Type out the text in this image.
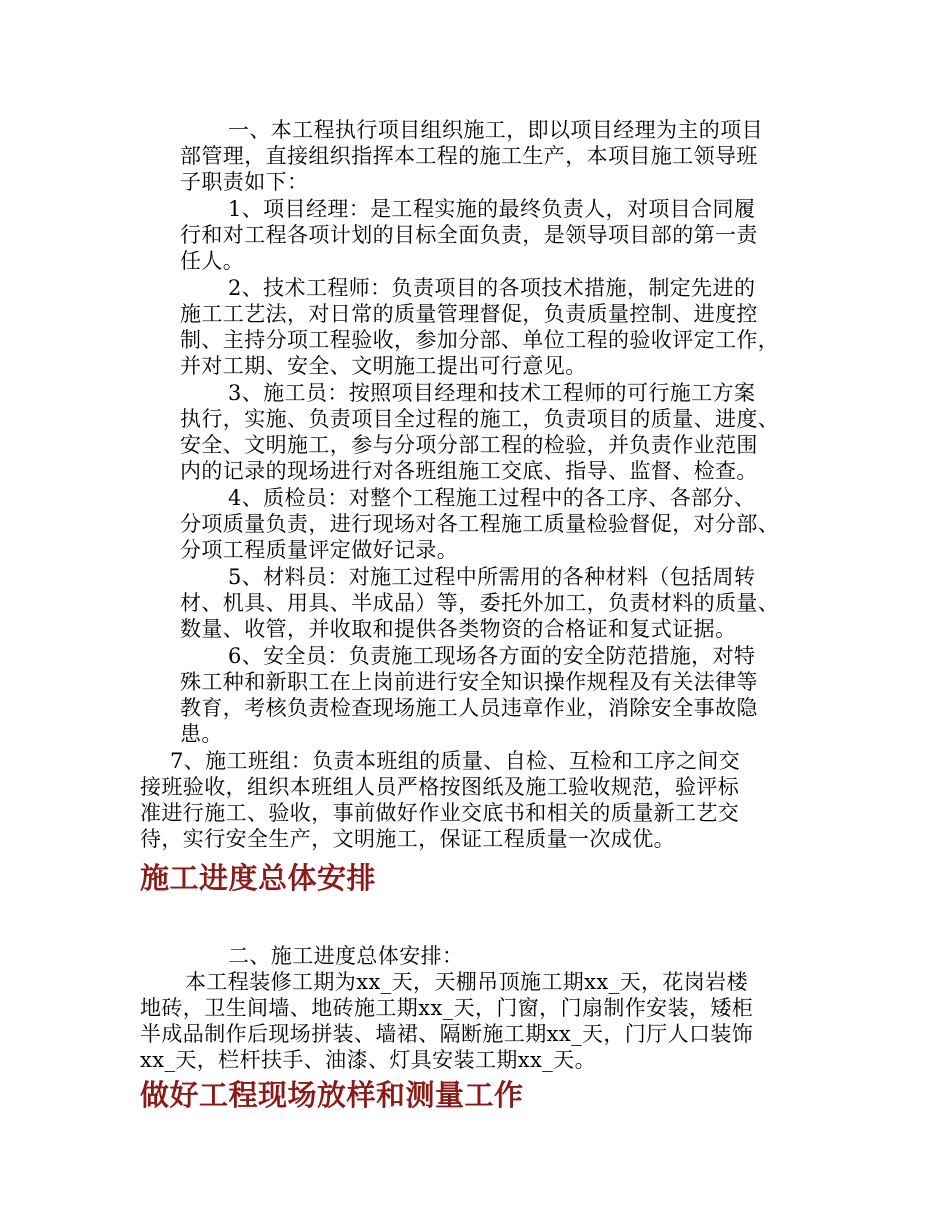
一、本工程执行项目组织施工，即以项目经理为主的项目
部管理，直接组织指挥本工程的施工生产，本项目施工领导班
子职责如下：
1、项目经理：是工程实施的最终负责人，对项目合同履
行和对工程各项计划的目标全面负责，是领导项目部的第一责
任人。
2、技术工程师：负责项目的各项技术措施，制定先进的
施工工艺法，对日常的质量管理督促，负责质量控制、进度控
制、主持分项工程验收，参加分部、单位工程的验收评定工作，
并对工期、安全、文明施工提出可行意见。
3、施工员：按照项目经理和技术工程师的可行施工方案
执行，实施、负责项目全过程的施工，负责项目的质量、进度、
安全、文明施工，参与分项分部工程的检验，并负责作业范围
内的记录的现场进行对各班组施工交底、指导、监督、检查。
4、质检员：对整个工程施工过程中的各工序、各部分、
分项质量负责，进行现场对各工程施工质量检验督促，对分部、
分项工程质量评定做好记录。
5、材料员：对施工过程中所需用的各种材料（包括周转
材、机具、用具、半成品）等，委托外加工，负责材料的质量、
数量、收管，并收取和提供各类物资的合格证和复式证据。
6、安全员：负责施工现场各方面的安全防范措施，对特
殊工种和新职工在上岗前进行安全知识操作规程及有关法律等
教育，考核负责检查现场施工人员违章作业，消除安全事故隐
患。
7、施工班组：负责本班组的质量、自检、互检和工序之间交
接班验收，组织本班组人员严格按图纸及施工验收规范，验评标
准进行施工、验收，事前做好作业交底书和相关的质量新工艺交
待，实行安全生产，文明施工，保证工程质量一次成优。
施工进度总体安排
二、施工进度总体安排：
本工程装修工期为xx_天，天棚吊顶施工期xx_天，花岗岩楼
地砖，卫生间墙、地砖施工期xx_天，门窗，门扇制作安装，矮柜
半成品制作后现场拼装、墙裙、隔断施工期xx_天，门厅人口装饰
xx_天，栏杆扶手、油漆、灯具安装工期xx_天。
做好工程现场放样和测量工作
